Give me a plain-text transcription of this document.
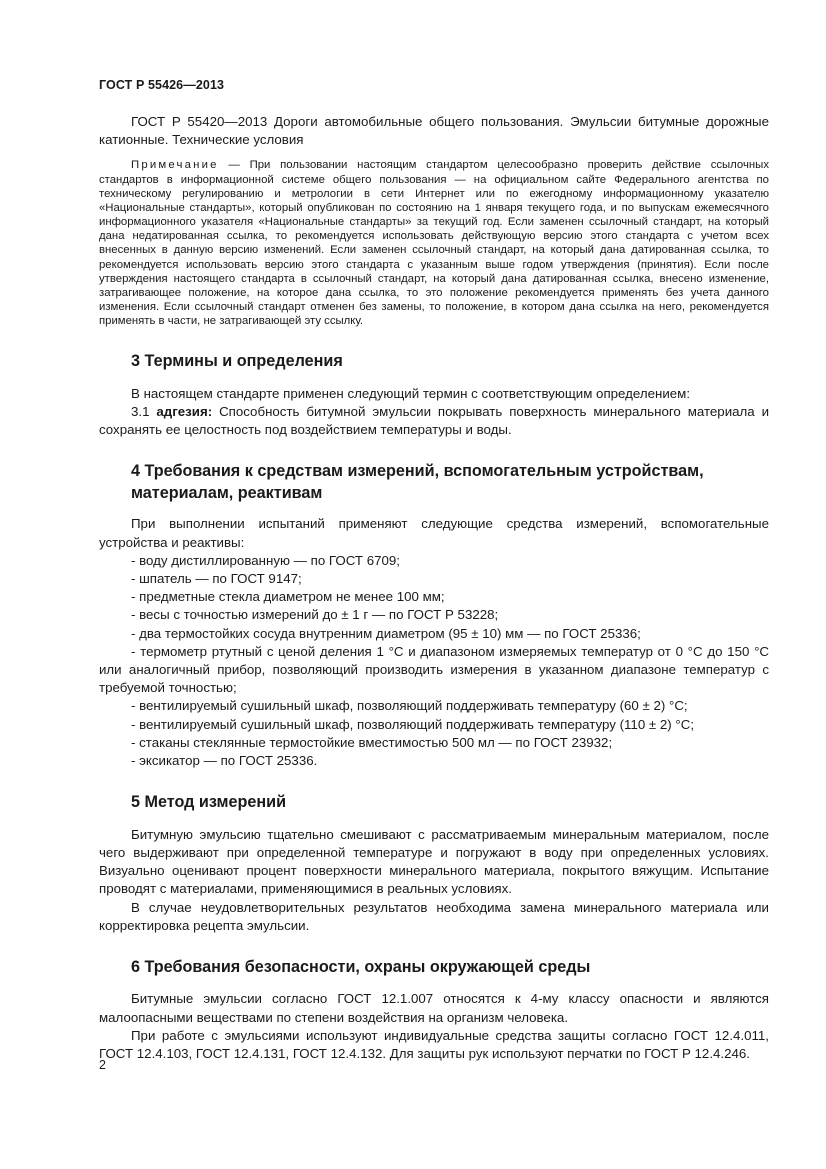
ГОСТ Р 55426—2013

ГОСТ Р 55420—2013 Дороги автомобильные общего пользования. Эмульсии битумные дорожные катионные. Технические условия

Примечание — При пользовании настоящим стандартом целесообразно проверить действие ссылочных стандартов в информационной системе общего пользования — на официальном сайте Федерального агентства по техническому регулированию и метрологии в сети Интернет или по ежегодному информационному указателю «Национальные стандарты», который опубликован по состоянию на 1 января текущего года, и по выпускам ежемесячного информационного указателя «Национальные стандарты» за текущий год. Если заменен ссылочный стандарт, на который дана недатированная ссылка, то рекомендуется использовать действующую версию этого стандарта с учетом всех внесенных в данную версию изменений. Если заменен ссылочный стандарт, на который дана датированная ссылка, то рекомендуется использовать версию этого стандарта с указанным выше годом утверждения (принятия). Если после утверждения настоящего стандарта в ссылочный стандарт, на который дана датированная ссылка, внесено изменение, затрагивающее положение, на которое дана ссылка, то это положение рекомендуется применять без учета данного изменения. Если ссылочный стандарт отменен без замены, то положение, в котором дана ссылка на него, рекомендуется применять в части, не затрагивающей эту ссылку.

3 Термины и определения

В настоящем стандарте применен следующий термин с соответствующим определением:

3.1 адгезия: Способность битумной эмульсии покрывать поверхность минерального материала и сохранять ее целостность под воздействием температуры и воды.

4 Требования к средствам измерений, вспомогательным устройствам, материалам, реактивам

При выполнении испытаний применяют следующие средства измерений, вспомогательные устройства и реактивы:

- воду дистиллированную — по ГОСТ 6709;

- шпатель — по ГОСТ 9147;

- предметные стекла диаметром не менее 100 мм;

- весы с точностью измерений до ± 1 г — по ГОСТ Р 53228;

- два термостойких сосуда внутренним диаметром (95 ± 10) мм — по ГОСТ 25336;

- термометр ртутный с ценой деления 1 °С и диапазоном измеряемых температур от 0 °С до 150 °С или аналогичный прибор, позволяющий производить измерения в указанном диапазоне температур с требуемой точностью;

- вентилируемый сушильный шкаф, позволяющий поддерживать температуру (60 ± 2) °С;

- вентилируемый сушильный шкаф, позволяющий поддерживать температуру (110 ± 2) °С;

- стаканы стеклянные термостойкие вместимостью 500 мл — по ГОСТ 23932;

- эксикатор — по ГОСТ 25336.

5 Метод измерений

Битумную эмульсию тщательно смешивают с рассматриваемым минеральным материалом, после чего выдерживают при определенной температуре и погружают в воду при определенных условиях. Визуально оценивают процент поверхности минерального материала, покрытого вяжущим. Испытание проводят с материалами, применяющимися в реальных условиях.

В случае неудовлетворительных результатов необходима замена минерального материала или корректировка рецепта эмульсии.

6 Требования безопасности, охраны окружающей среды

Битумные эмульсии согласно ГОСТ 12.1.007 относятся к 4-му классу опасности и являются малоопасными веществами по степени воздействия на организм человека.

При работе с эмульсиями используют индивидуальные средства защиты согласно ГОСТ 12.4.011, ГОСТ 12.4.103, ГОСТ 12.4.131, ГОСТ 12.4.132. Для защиты рук используют перчатки по ГОСТ Р 12.4.246.

2
